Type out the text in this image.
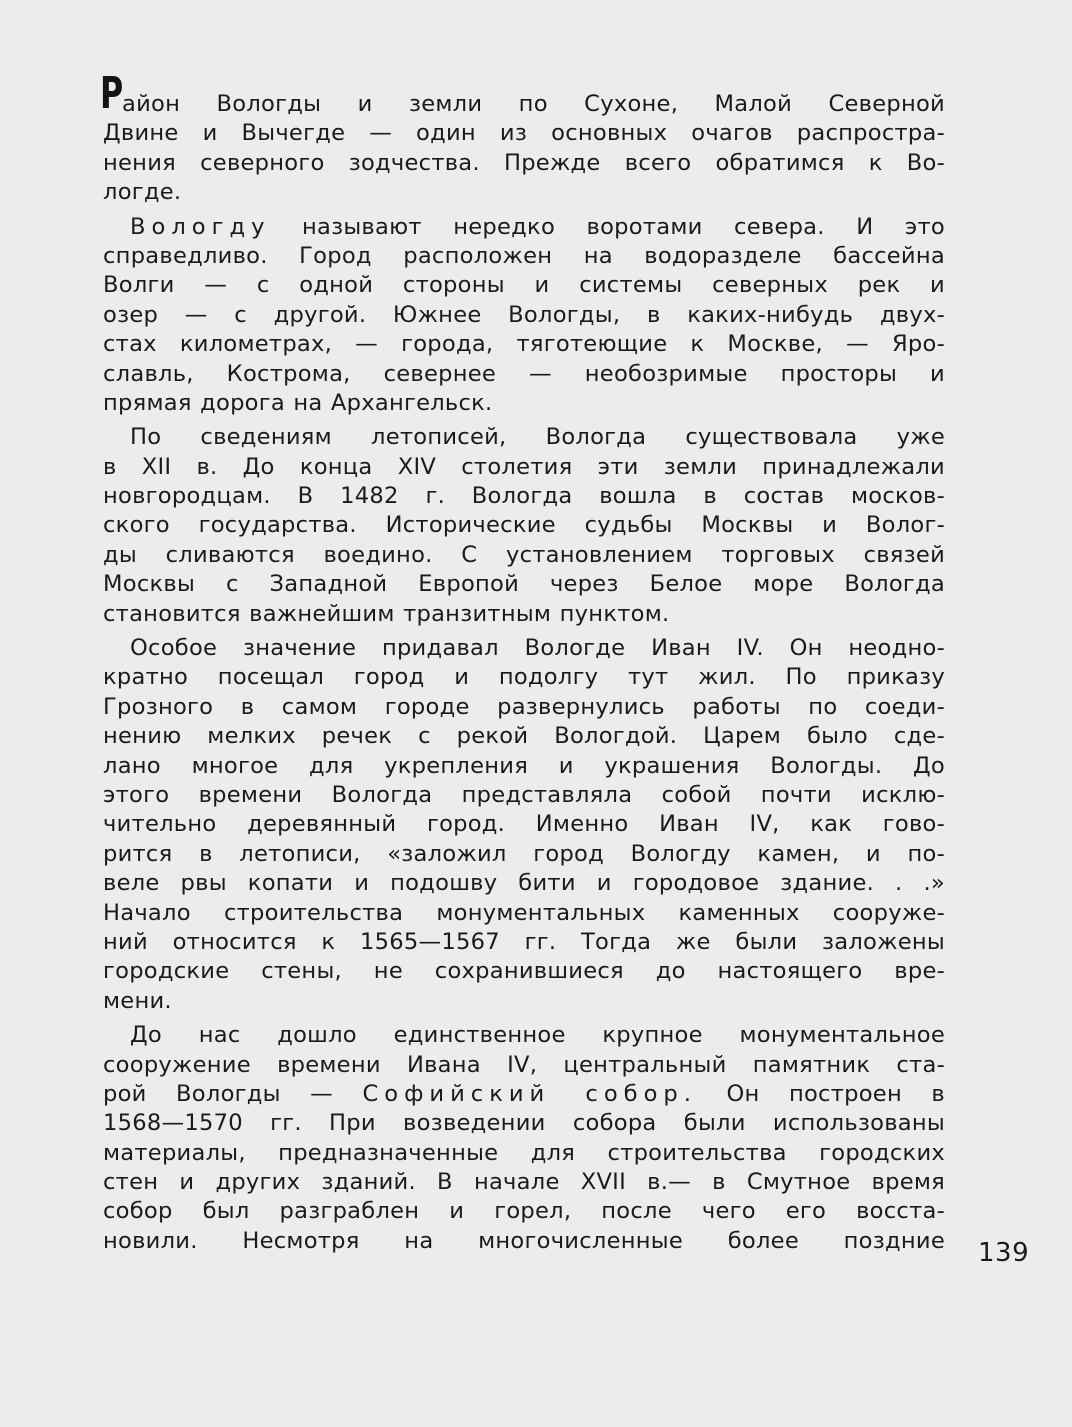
Р
айон Вологды и земли по Сухоне, Малой Северной
Двине и Вычегде — один из основных очагов распростра-
нения северного зодчества. Прежде всего обратимся к Во-
логде.
Вологду называют нередко воротами севера. И это
справедливо. Город расположен на водоразделе бассейна
Волги — с одной стороны и системы северных рек и
озер — с другой. Южнее Вологды, в каких-нибудь двух-
стах километрах, — города, тяготеющие к Москве, — Яро-
славль, Кострома, севернее — необозримые просторы и
прямая дорога на Архангельск.
По сведениям летописей, Вологда существовала уже
в XII в. До конца XIV столетия эти земли принадлежали
новгородцам. В 1482 г. Вологда вошла в состав москов-
ского государства. Исторические судьбы Москвы и Волог-
ды сливаются воедино. С установлением торговых связей
Москвы с Западной Европой через Белое море Вологда
становится важнейшим транзитным пунктом.
Особое значение придавал Вологде Иван IV. Он неодно-
кратно посещал город и подолгу тут жил. По приказу
Грозного в самом городе развернулись работы по соеди-
нению мелких речек с рекой Вологдой. Царем было сде-
лано многое для укрепления и украшения Вологды. До
этого времени Вологда представляла собой почти исклю-
чительно деревянный город. Именно Иван IV, как гово-
рится в летописи, «заложил город Вологду камен, и по-
веле рвы копати и подошву бити и городовое здание. . .»
Начало строительства монументальных каменных сооруже-
ний относится к 1565—1567 гг. Тогда же были заложены
городские стены, не сохранившиеся до настоящего вре-
мени.
До нас дошло единственное крупное монументальное
сооружение времени Ивана IV, центральный памятник ста-
рой Вологды — Софийский собор. Он построен в
1568—1570 гг. При возведении собора были использованы
материалы, предназначенные для строительства городских
стен и других зданий. В начале XVII в.— в Смутное время
собор был разграблен и горел, после чего его восста-
новили. Несмотря на многочисленные более поздние 139
